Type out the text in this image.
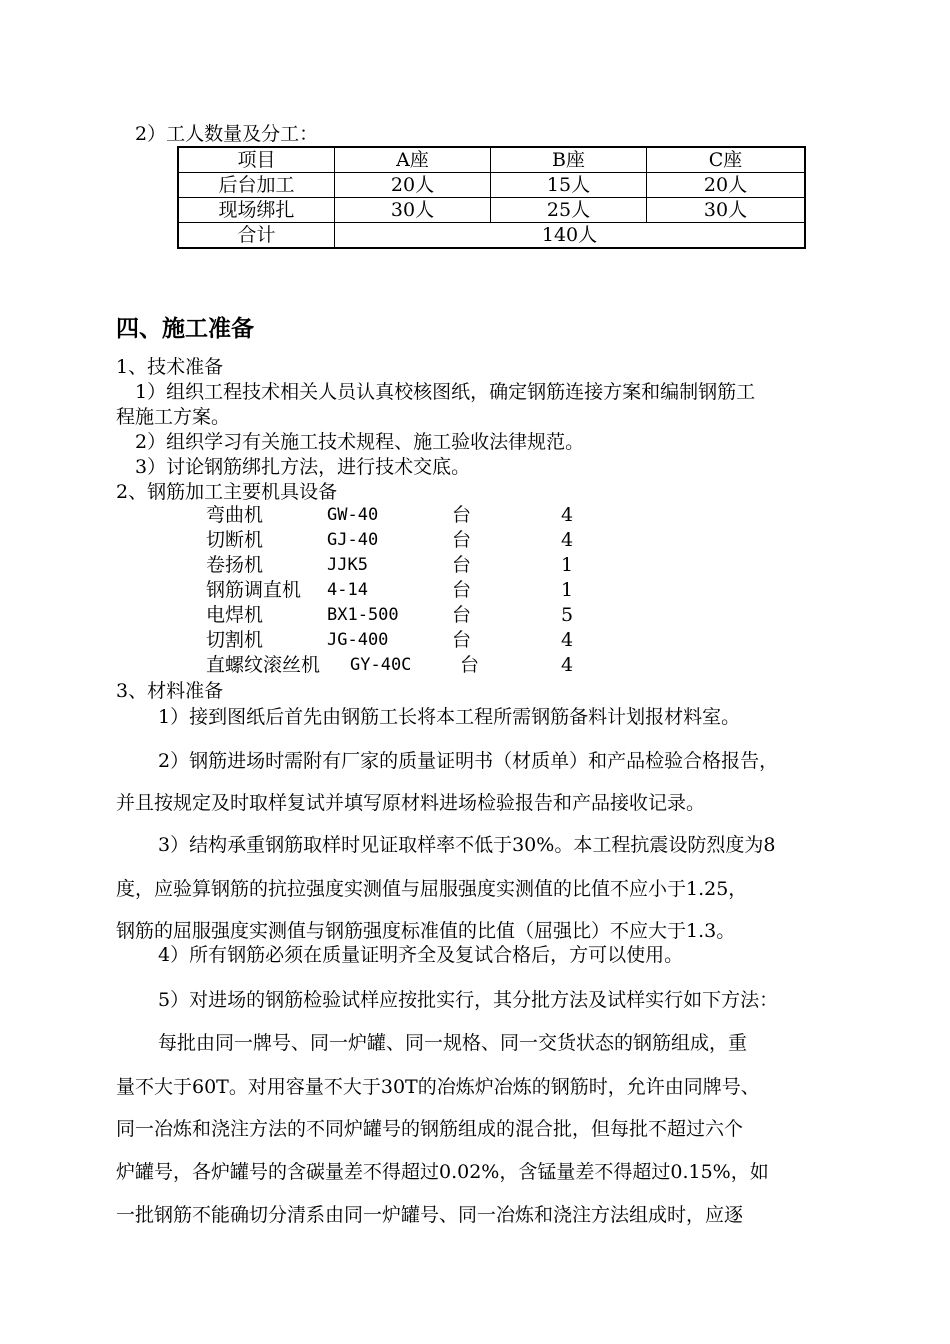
2）工人数量及分工：
项目	A座	B座	C座
后台加工	20人	15人	20人
现场绑扎	30人	25人	30人
合计	140人		
四、施工准备
1、技术准备
1）组织工程技术相关人员认真校核图纸，确定钢筋连接方案和编制钢筋工
程施工方案。
2）组织学习有关施工技术规程、施工验收法律规范。
3）讨论钢筋绑扎方法，进行技术交底。
2、钢筋加工主要机具设备
弯曲机	GW-40	台	4
切断机	GJ-40	台	4
卷扬机	JJK5	台	1
钢筋调直机 4-14	台	1
电焊机	BX1-500	台	5
切割机	JG-400	台	4
直螺纹滚丝机 GY-40C	台	4
3、材料准备
1）接到图纸后首先由钢筋工长将本工程所需钢筋备料计划报材料室。
2）钢筋进场时需附有厂家的质量证明书（材质单）和产品检验合格报告，
并且按规定及时取样复试并填写原材料进场检验报告和产品接收记录。
3）结构承重钢筋取样时见证取样率不低于30%。本工程抗震设防烈度为8
度，应验算钢筋的抗拉强度实测值与屈服强度实测值的比值不应小于1.25，
钢筋的屈服强度实测值与钢筋强度标准值的比值（屈强比）不应大于1.3。
4）所有钢筋必须在质量证明齐全及复试合格后，方可以使用。
5）对进场的钢筋检验试样应按批实行，其分批方法及试样实行如下方法：
每批由同一牌号、同一炉罐、同一规格、同一交货状态的钢筋组成，重
量不大于60T。对用容量不大于30T的冶炼炉冶炼的钢筋时，允许由同牌号、
同一冶炼和浇注方法的不同炉罐号的钢筋组成的混合批，但每批不超过六个
炉罐号，各炉罐号的含碳量差不得超过0.02%，含锰量差不得超过0.15%，如
一批钢筋不能确切分清系由同一炉罐号、同一冶炼和浇注方法组成时，应逐
